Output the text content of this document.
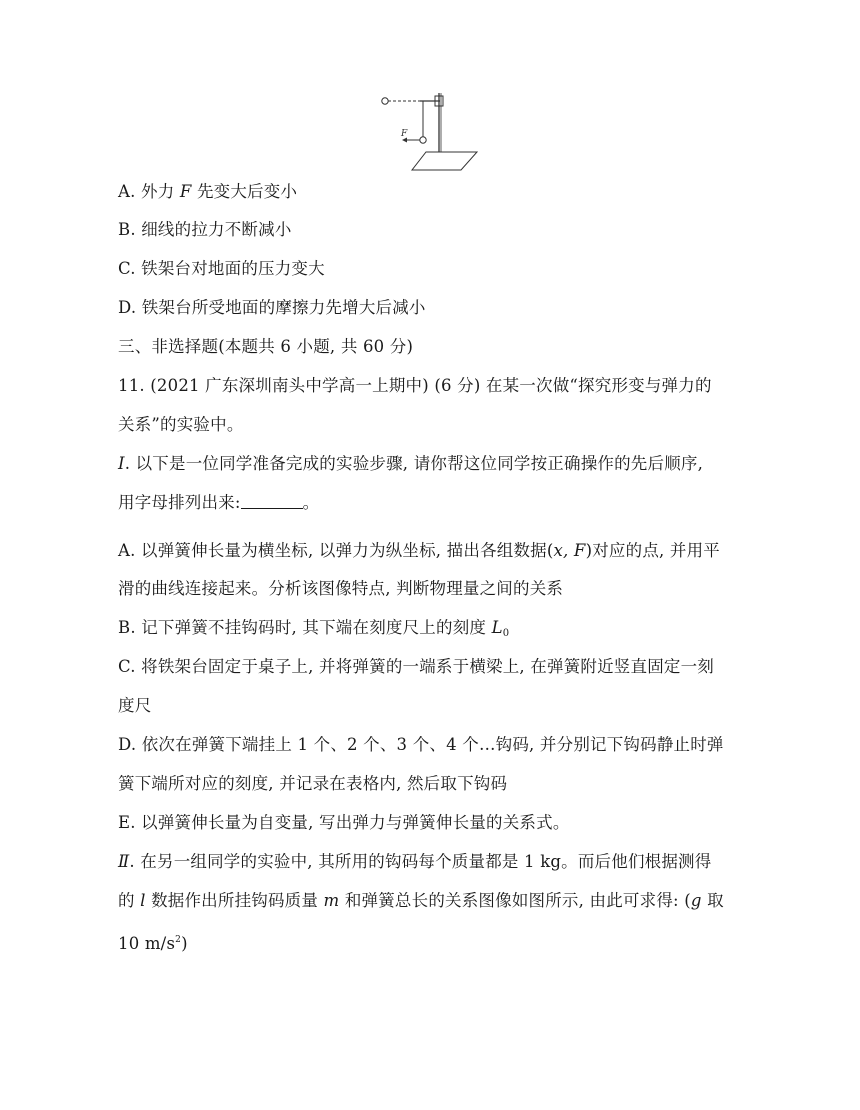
F
A. 外力 F 先变大后变小
B. 细线的拉力不断减小
C. 铁架台对地面的压力变大
D. 铁架台所受地面的摩擦力先增大后减小
三、非选择题(本题共 6 小题, 共 60 分)
11. (2021 广东深圳南头中学高一上期中) (6 分) 在某一次做“探究形变与弹力的
关系”的实验中。
Ⅰ. 以下是一位同学准备完成的实验步骤, 请你帮这位同学按正确操作的先后顺序,
用字母排列出来:	。
A. 以弹簧伸长量为横坐标, 以弹力为纵坐标, 描出各组数据(x, F)对应的点, 并用平
滑的曲线连接起来。分析该图像特点, 判断物理量之间的关系
B. 记下弹簧不挂钩码时, 其下端在刻度尺上的刻度 $L_0$
C. 将铁架台固定于桌子上, 并将弹簧的一端系于横梁上, 在弹簧附近竖直固定一刻
度尺
D. 依次在弹簧下端挂上 1 个、2 个、3 个、4 个…钩码, 并分别记下钩码静止时弹
簧下端所对应的刻度, 并记录在表格内, 然后取下钩码
E. 以弹簧伸长量为自变量, 写出弹力与弹簧伸长量的关系式。
Ⅱ. 在另一组同学的实验中, 其所用的钩码每个质量都是 1 kg。而后他们根据测得
的 l 数据作出所挂钩码质量 m 和弹簧总长的关系图像如图所示, 由此可求得: (g 取
10 $m/s^2$)
